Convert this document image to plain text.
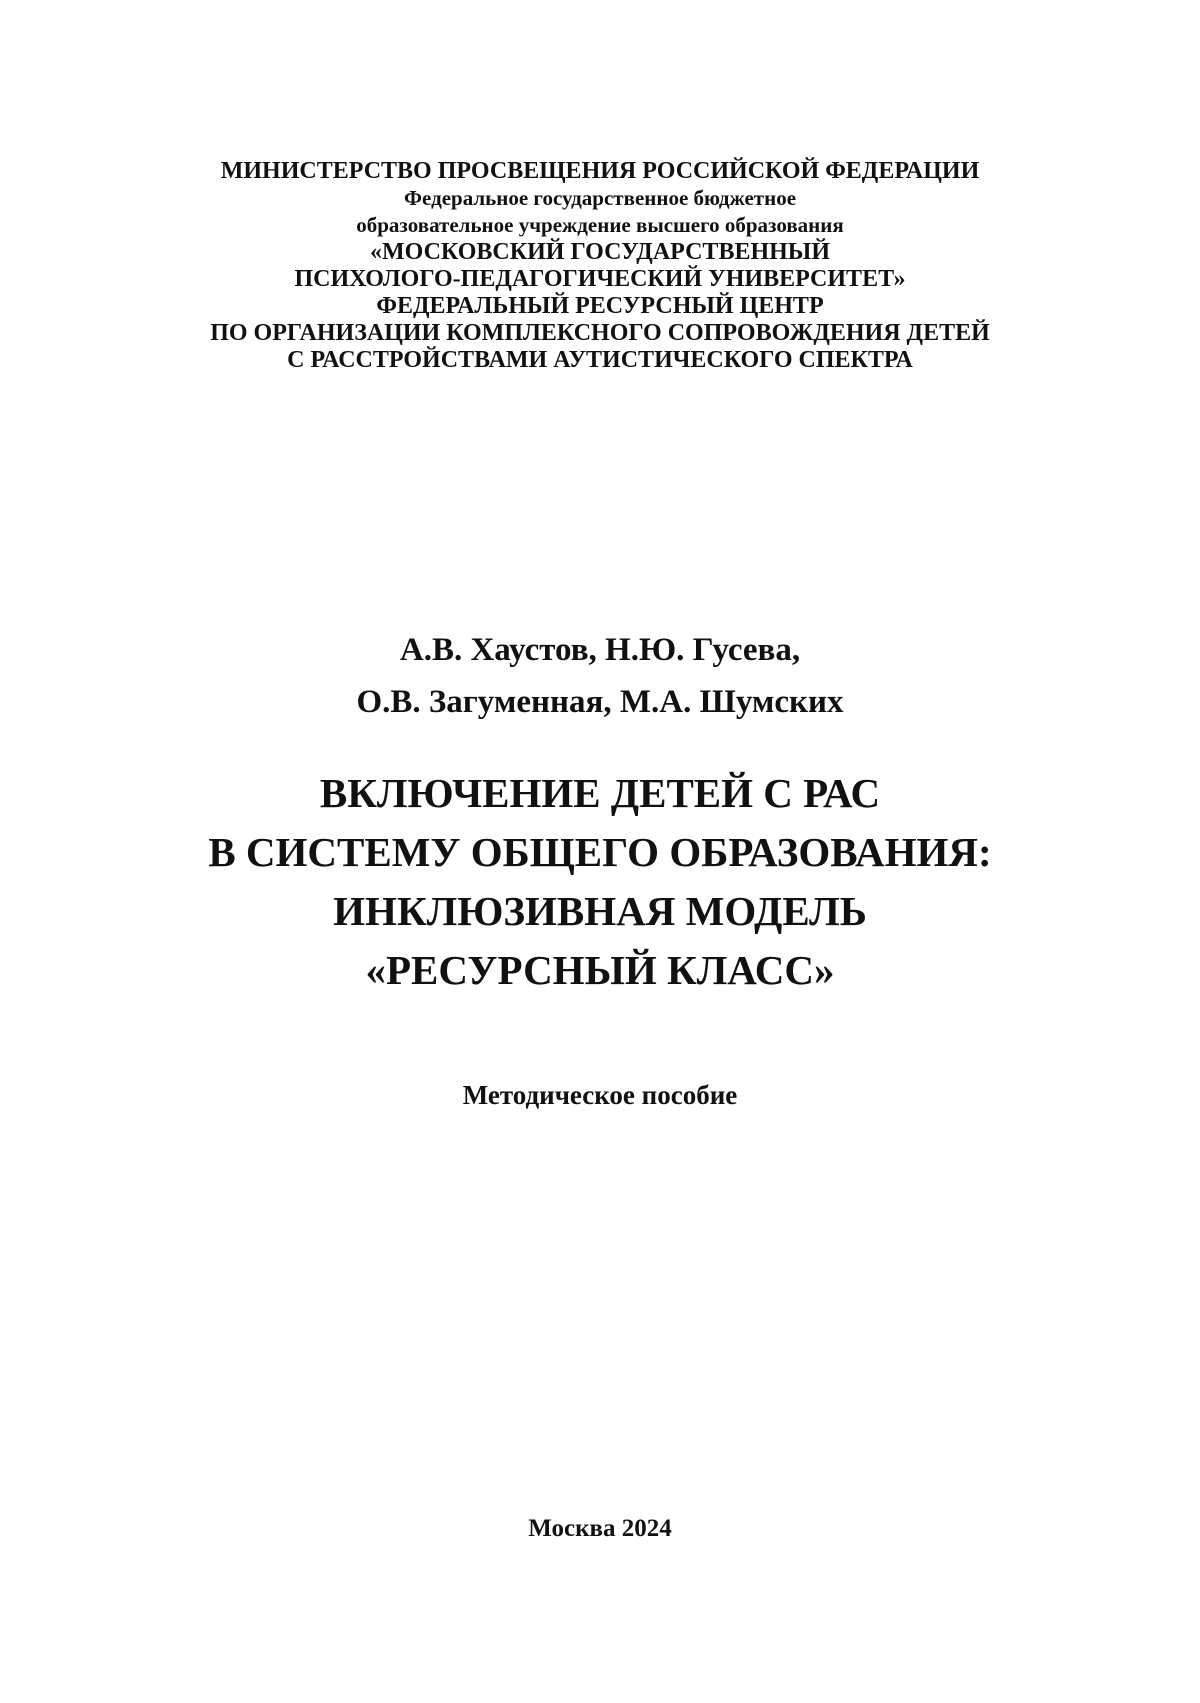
МИНИСТЕРСТВО ПРОСВЕЩЕНИЯ РОССИЙСКОЙ ФЕДЕРАЦИИ
Федеральное государственное бюджетное
образовательное учреждение высшего образования
«МОСКОВСКИЙ ГОСУДАРСТВЕННЫЙ
ПСИХОЛОГО-ПЕДАГОГИЧЕСКИЙ УНИВЕРСИТЕТ»
ФЕДЕРАЛЬНЫЙ РЕСУРСНЫЙ ЦЕНТР
ПО ОРГАНИЗАЦИИ КОМПЛЕКСНОГО СОПРОВОЖДЕНИЯ ДЕТЕЙ
С РАССТРОЙСТВАМИ АУТИСТИЧЕСКОГО СПЕКТРА
А.В. Хаустов, Н.Ю. Гусева,
О.В. Загуменная, М.А. Шумских
ВКЛЮЧЕНИЕ ДЕТЕЙ С РАС
В СИСТЕМУ ОБЩЕГО ОБРАЗОВАНИЯ:
ИНКЛЮЗИВНАЯ МОДЕЛЬ
«РЕСУРСНЫЙ КЛАСС»
Методическое пособие
Москва 2024
